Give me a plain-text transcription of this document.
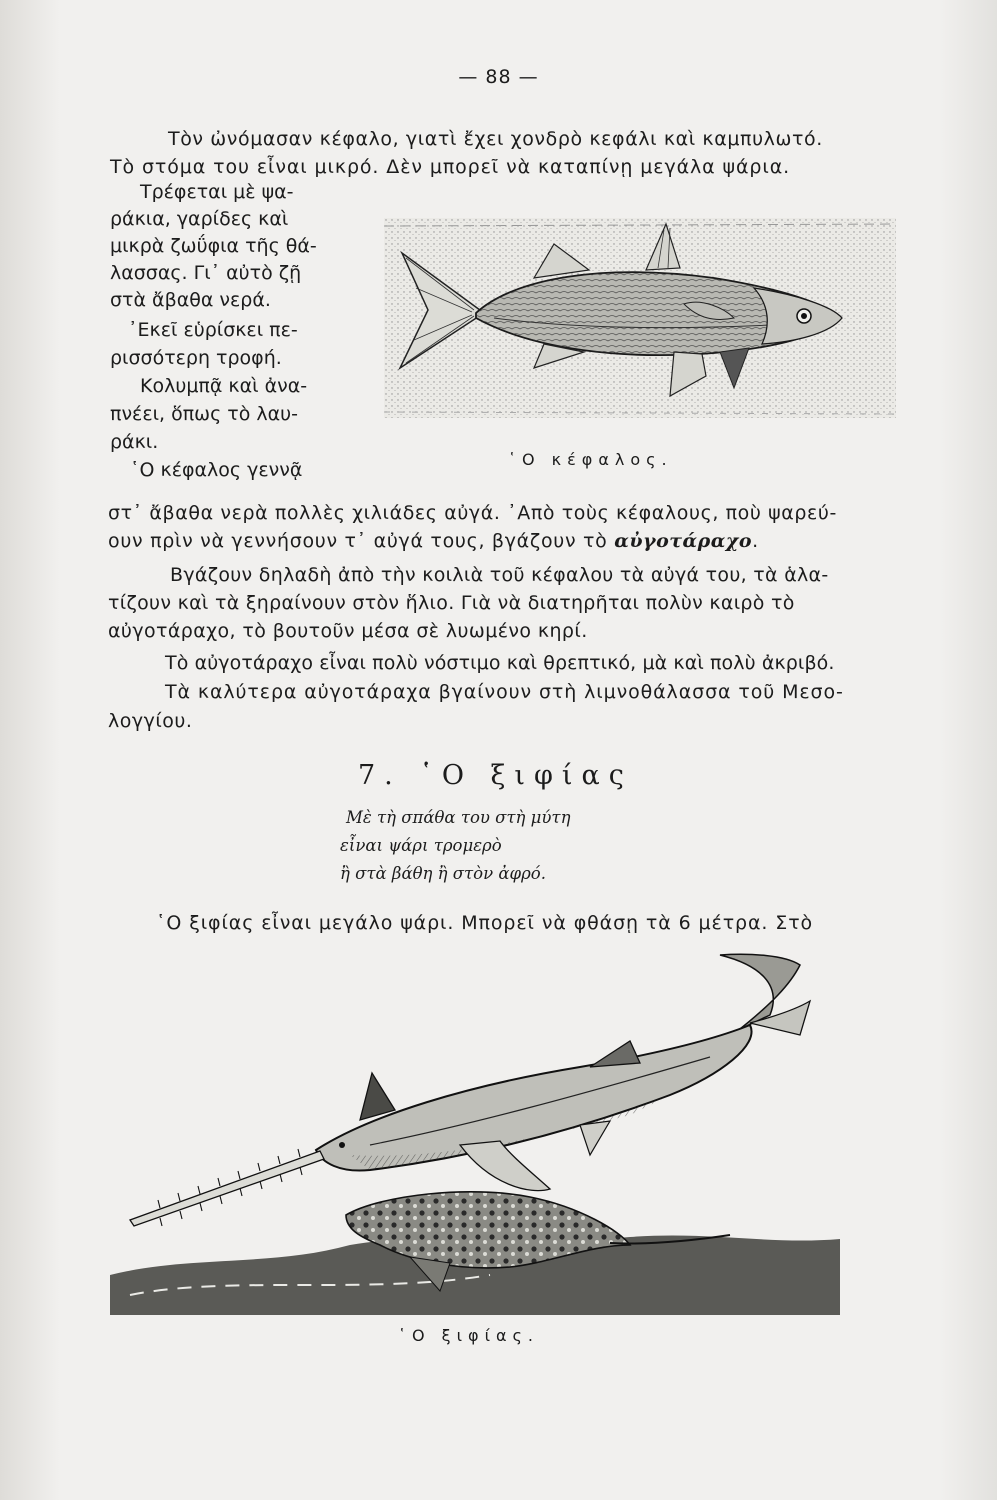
— 88 —
Τὸν ὠνόμασαν κέφαλο, γιατὶ ἔχει χονδρὸ κεφάλι καὶ καμπυλωτό.
Τὸ στόμα του εἶναι μικρό. Δὲν μπορεῖ νὰ καταπίνῃ μεγάλα ψάρια.
Τρέφεται μὲ ψα-
ράκια, γαρίδες καὶ
μικρὰ ζωΰφια τῆς θά-
λασσας. Γι᾿ αὐτὸ ζῇ
στὰ ἄβαθα νερά.
᾿Εκεῖ εὑρίσκει πε-
ρισσότερη τροφή.
Κολυμπᾷ καὶ ἀνα-
πνέει, ὅπως τὸ λαυ-
ράκι.
῾Ο κέφαλος γεννᾷ	῾Ο κέφαλος.
στ᾿ ἄβαθα νερὰ πολλὲς χιλιάδες αὐγά. ᾿Απὸ τοὺς κέφαλους, ποὺ ψαρεύ-
ουν πρὶν νὰ γεννήσουν τ᾿ αὐγά τους, βγάζουν τὸ αὐγοτάραχο.
Βγάζουν δηλαδὴ ἀπὸ τὴν κοιλιὰ τοῦ κέφαλου τὰ αὐγά του, τὰ ἁλα-
τίζουν καὶ τὰ ξηραίνουν στὸν ἥλιο. Γιὰ νὰ διατηρῆται πολὺν καιρὸ τὸ
αὐγοτάραχο, τὸ βουτοῦν μέσα σὲ λυωμένο κηρί.
Τὸ αὐγοτάραχο εἶναι πολὺ νόστιμο καὶ θρεπτικό, μὰ καὶ πολὺ ἀκριβό.
Τὰ καλύτερα αὐγοτάραχα βγαίνουν στὴ λιμνοθάλασσα τοῦ Μεσο-
λογγίου.
7. ῾Ο ξιφίας
Μὲ τὴ σπάθα του στὴ μύτη
εἶναι ψάρι τρομερὸ
ἢ στὰ βάθη ἢ στὸν ἀφρό.
῾Ο ξιφίας εἶναι μεγάλο ψάρι. Μπορεῖ νὰ φθάσῃ τὰ 6 μέτρα. Στὸ
῾Ο ξιφίας.
